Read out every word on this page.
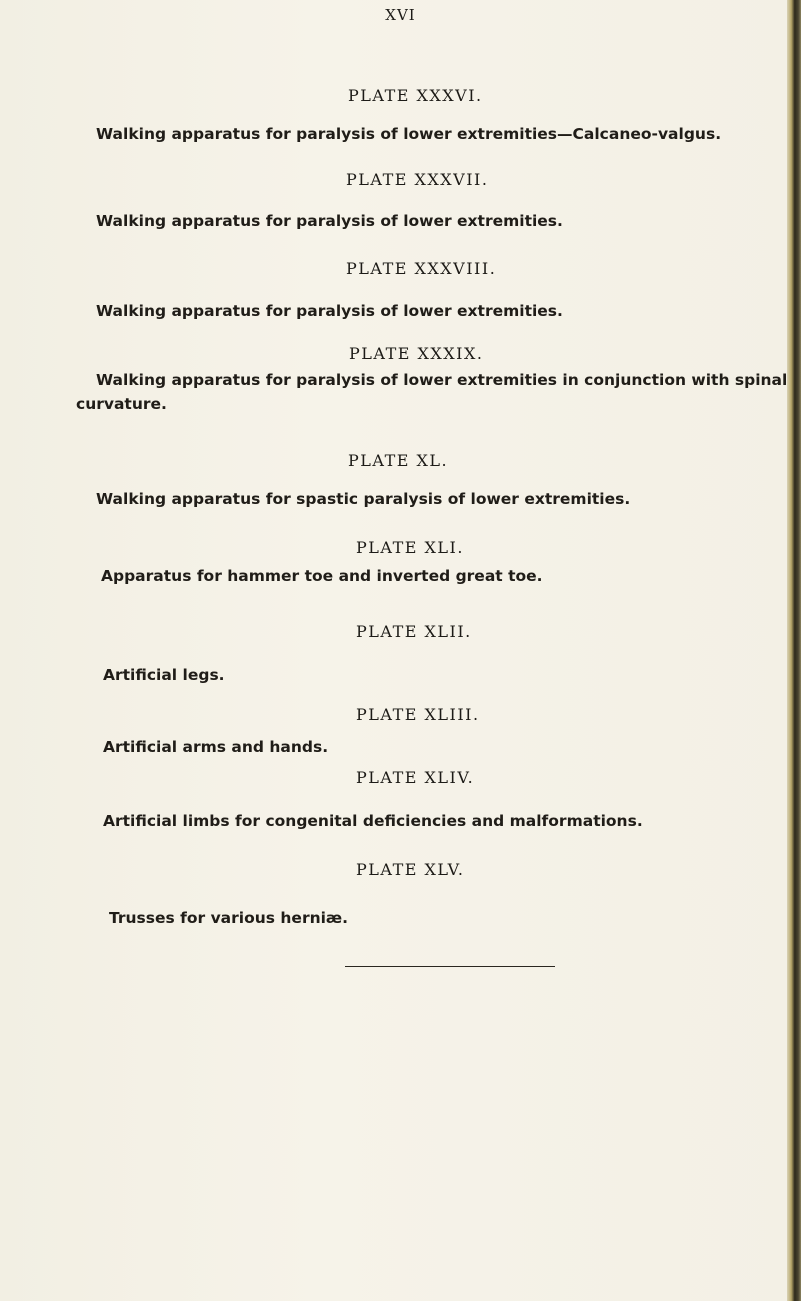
XVI
PLATE XXXVI.
Walking apparatus for paralysis of lower extremities—Calcaneo-valgus.
PLATE XXXVII.
Walking apparatus for paralysis of lower extremities.
PLATE XXXVIII.
Walking apparatus for paralysis of lower extremities.
PLATE XXXIX.
Walking apparatus for paralysis of lower extremities in conjunction with spinal
curvature.
PLATE XL.
Walking apparatus for spastic paralysis of lower extremities.
PLATE XLI.
Apparatus for hammer toe and inverted great toe.
PLATE XLII.
Artificial legs.
PLATE XLIII.
Artificial arms and hands.
PLATE XLIV.
Artificial limbs for congenital deficiencies and malformations.
PLATE XLV.
Trusses for various herniæ.
